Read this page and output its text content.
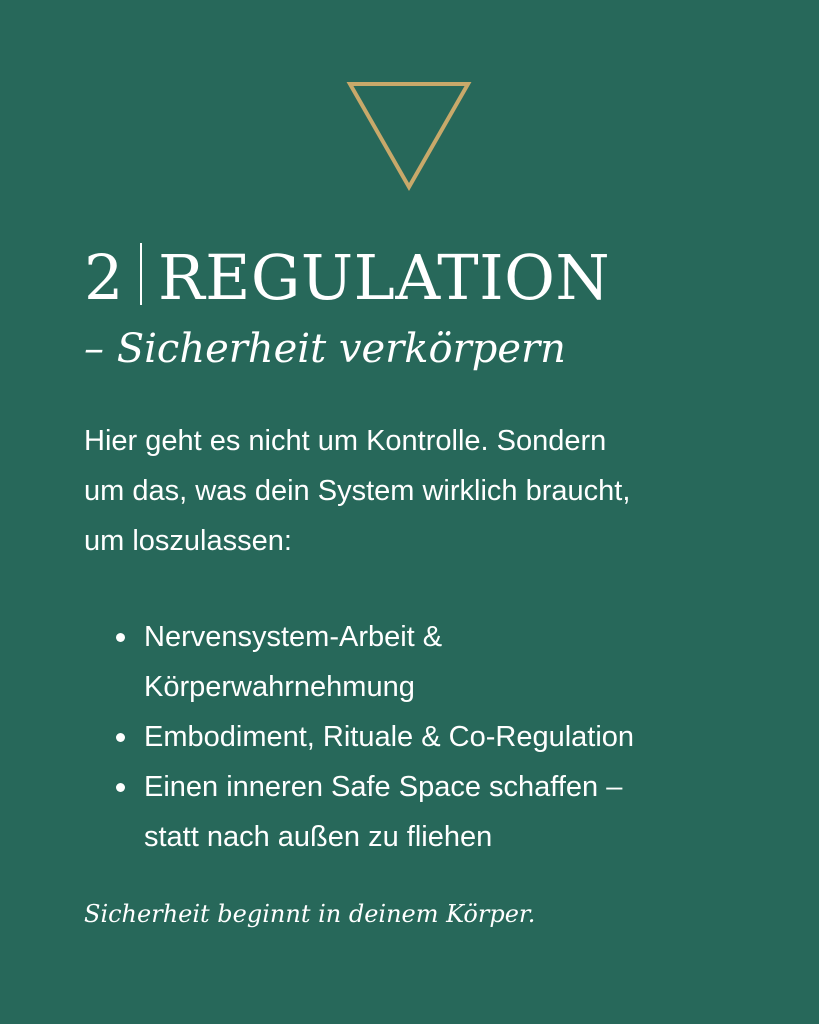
2 REGULATION

– Sicherheit verkörpern

Hier geht es nicht um Kontrolle. Sondern
um das, was dein System wirklich braucht,
um loszulassen:

Nervensystem-Arbeit &
Körperwahrnehmung
Embodiment, Rituale & Co-Regulation
Einen inneren Safe Space schaffen –
statt nach außen zu fliehen

Sicherheit beginnt in deinem Körper.
